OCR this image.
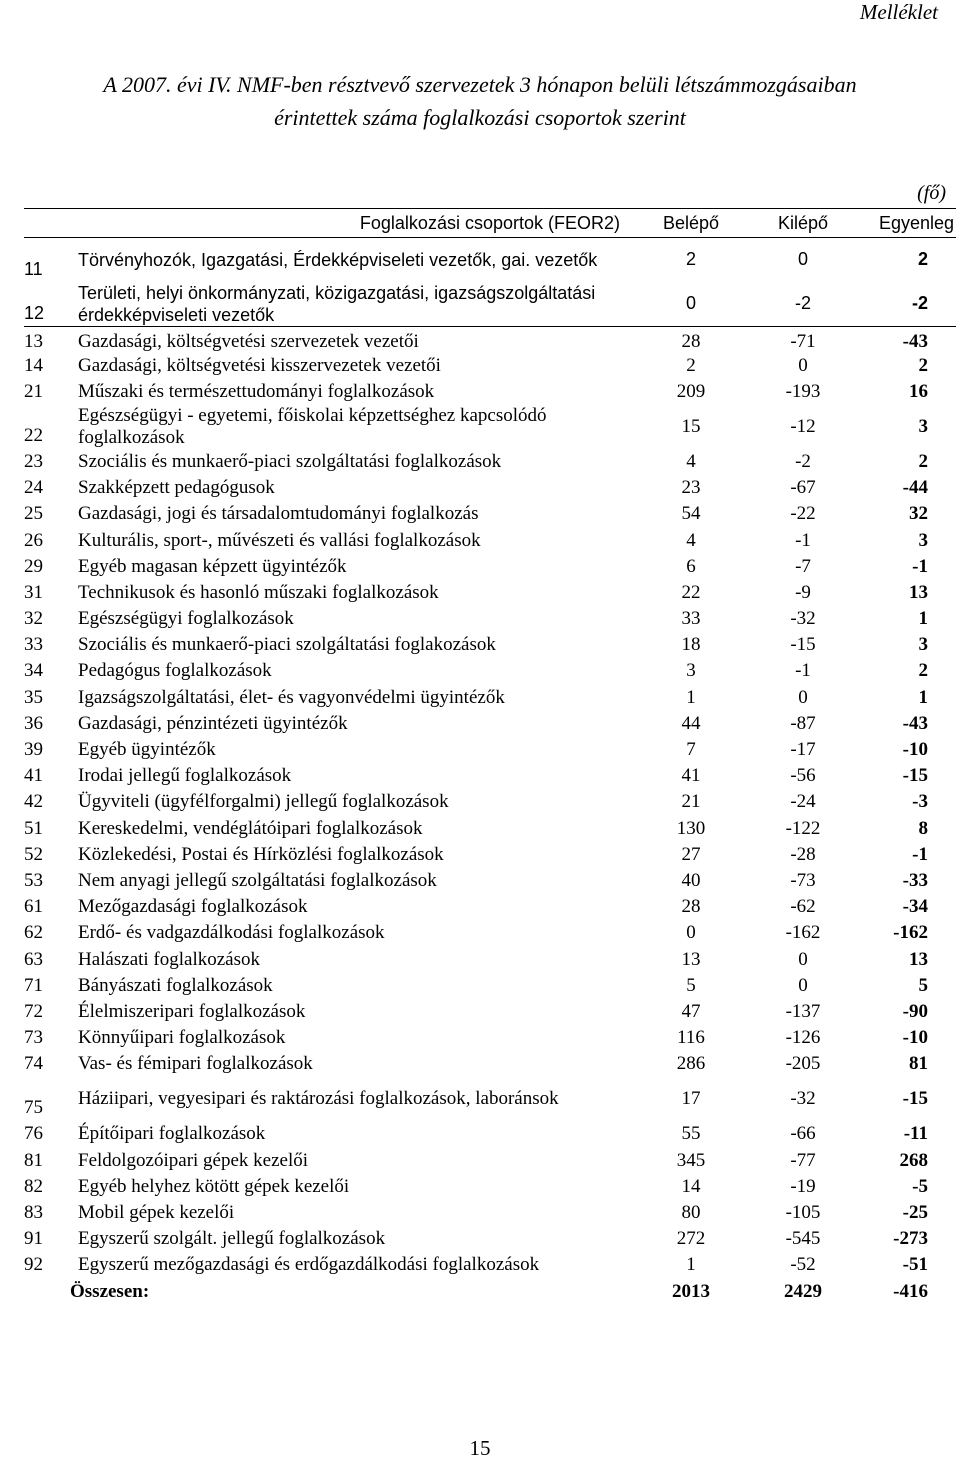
Melléklet
A 2007. évi IV. NMF-ben résztvevő szervezetek 3 hónapon belüli létszámmozgásaiban
érintettek száma foglalkozási csoportok szerint
(fő)
Foglalkozási csoportok (FEOR2)		Belépő	Kilépő	Egyenleg
11	Törvényhozók, Igazgatási, Érdekképviseleti vezetők, gai. vezetők	2	0	2
12	Területi, helyi önkormányzati, közigazgatási, igazságszolgáltatási érdekképviseleti vezetők	0	-2	-2
13	Gazdasági, költségvetési szervezetek vezetői	28	-71	-43
14	Gazdasági, költségvetési kisszervezetek vezetői	2	0	2
21	Műszaki és természettudományi foglalkozások	209	-193	16
22	Egészségügyi - egyetemi, főiskolai képzettséghez kapcsolódó foglalkozások	15	-12	3
23	Szociális és munkaerő-piaci szolgáltatási foglalkozások	4	-2	2
24	Szakképzett pedagógusok	23	-67	-44
25	Gazdasági, jogi és társadalomtudományi foglalkozás	54	-22	32
26	Kulturális, sport-, művészeti és vallási foglalkozások	4	-1	3
29	Egyéb magasan képzett ügyintézők	6	-7	-1
31	Technikusok és hasonló műszaki foglalkozások	22	-9	13
32	Egészségügyi foglalkozások	33	-32	1
33	Szociális és munkaerő-piaci szolgáltatási foglakozások	18	-15	3
34	Pedagógus foglalkozások	3	-1	2
35	Igazságszolgáltatási, élet- és vagyonvédelmi ügyintézők	1	0	1
36	Gazdasági, pénzintézeti ügyintézők	44	-87	-43
39	Egyéb ügyintézők	7	-17	-10
41	Irodai jellegű foglalkozások	41	-56	-15
42	Ügyviteli (ügyfélforgalmi) jellegű foglalkozások	21	-24	-3
51	Kereskedelmi, vendéglátóipari foglalkozások	130	-122	8
52	Közlekedési, Postai és Hírközlési foglalkozások	27	-28	-1
53	Nem anyagi jellegű szolgáltatási foglalkozások	40	-73	-33
61	Mezőgazdasági foglalkozások	28	-62	-34
62	Erdő- és vadgazdálkodási foglalkozások	0	-162	-162
63	Halászati foglalkozások	13	0	13
71	Bányászati foglalkozások	5	0	5
72	Élelmiszeripari foglalkozások	47	-137	-90
73	Könnyűipari foglalkozások	116	-126	-10
74	Vas- és fémipari foglalkozások	286	-205	81
75	Háziipari, vegyesipari és raktározási foglalkozások, laboránsok	17	-32	-15
76	Építőipari foglalkozások	55	-66	-11
81	Feldolgozóipari gépek kezelői	345	-77	268
82	Egyéb helyhez kötött gépek kezelői	14	-19	-5
83	Mobil gépek kezelői	80	-105	-25
91	Egyszerű szolgált. jellegű foglalkozások	272	-545	-273
92	Egyszerű mezőgazdasági és erdőgazdálkodási foglalkozások	1	-52	-51
Összesen:		2013	2429	-416
15
